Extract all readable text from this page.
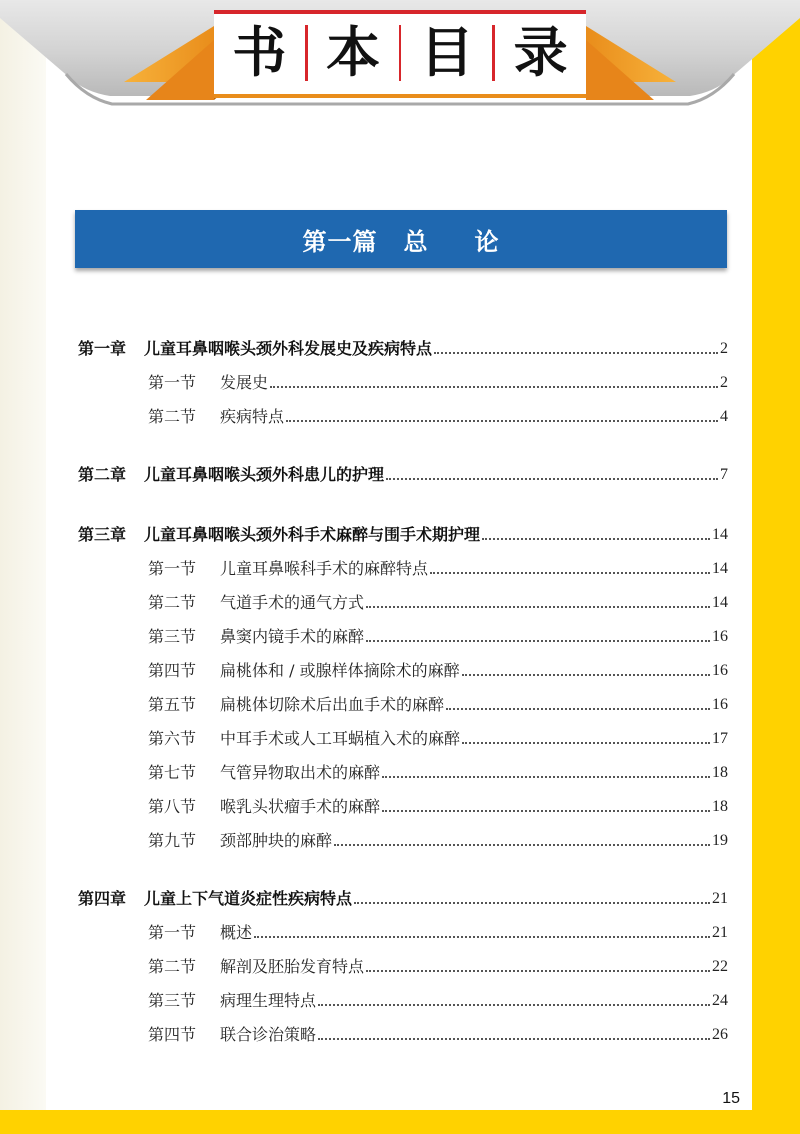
书 本 目 录
第一篇 总 论
第一章	儿童耳鼻咽喉头颈外科发展史及疾病特点	2
第一节	发展史	2
第二节	疾病特点	4
第二章	儿童耳鼻咽喉头颈外科患儿的护理	7
第三章	儿童耳鼻咽喉头颈外科手术麻醉与围手术期护理	14
第一节	儿童耳鼻喉科手术的麻醉特点	14
第二节	气道手术的通气方式	14
第三节	鼻窦内镜手术的麻醉	16
第四节	扁桃体和 / 或腺样体摘除术的麻醉	16
第五节	扁桃体切除术后出血手术的麻醉	16
第六节	中耳手术或人工耳蜗植入术的麻醉	17
第七节	气管异物取出术的麻醉	18
第八节	喉乳头状瘤手术的麻醉	18
第九节	颈部肿块的麻醉	19
第四章	儿童上下气道炎症性疾病特点	21
第一节	概述	21
第二节	解剖及胚胎发育特点	22
第三节	病理生理特点	24
第四节	联合诊治策略	26
15
